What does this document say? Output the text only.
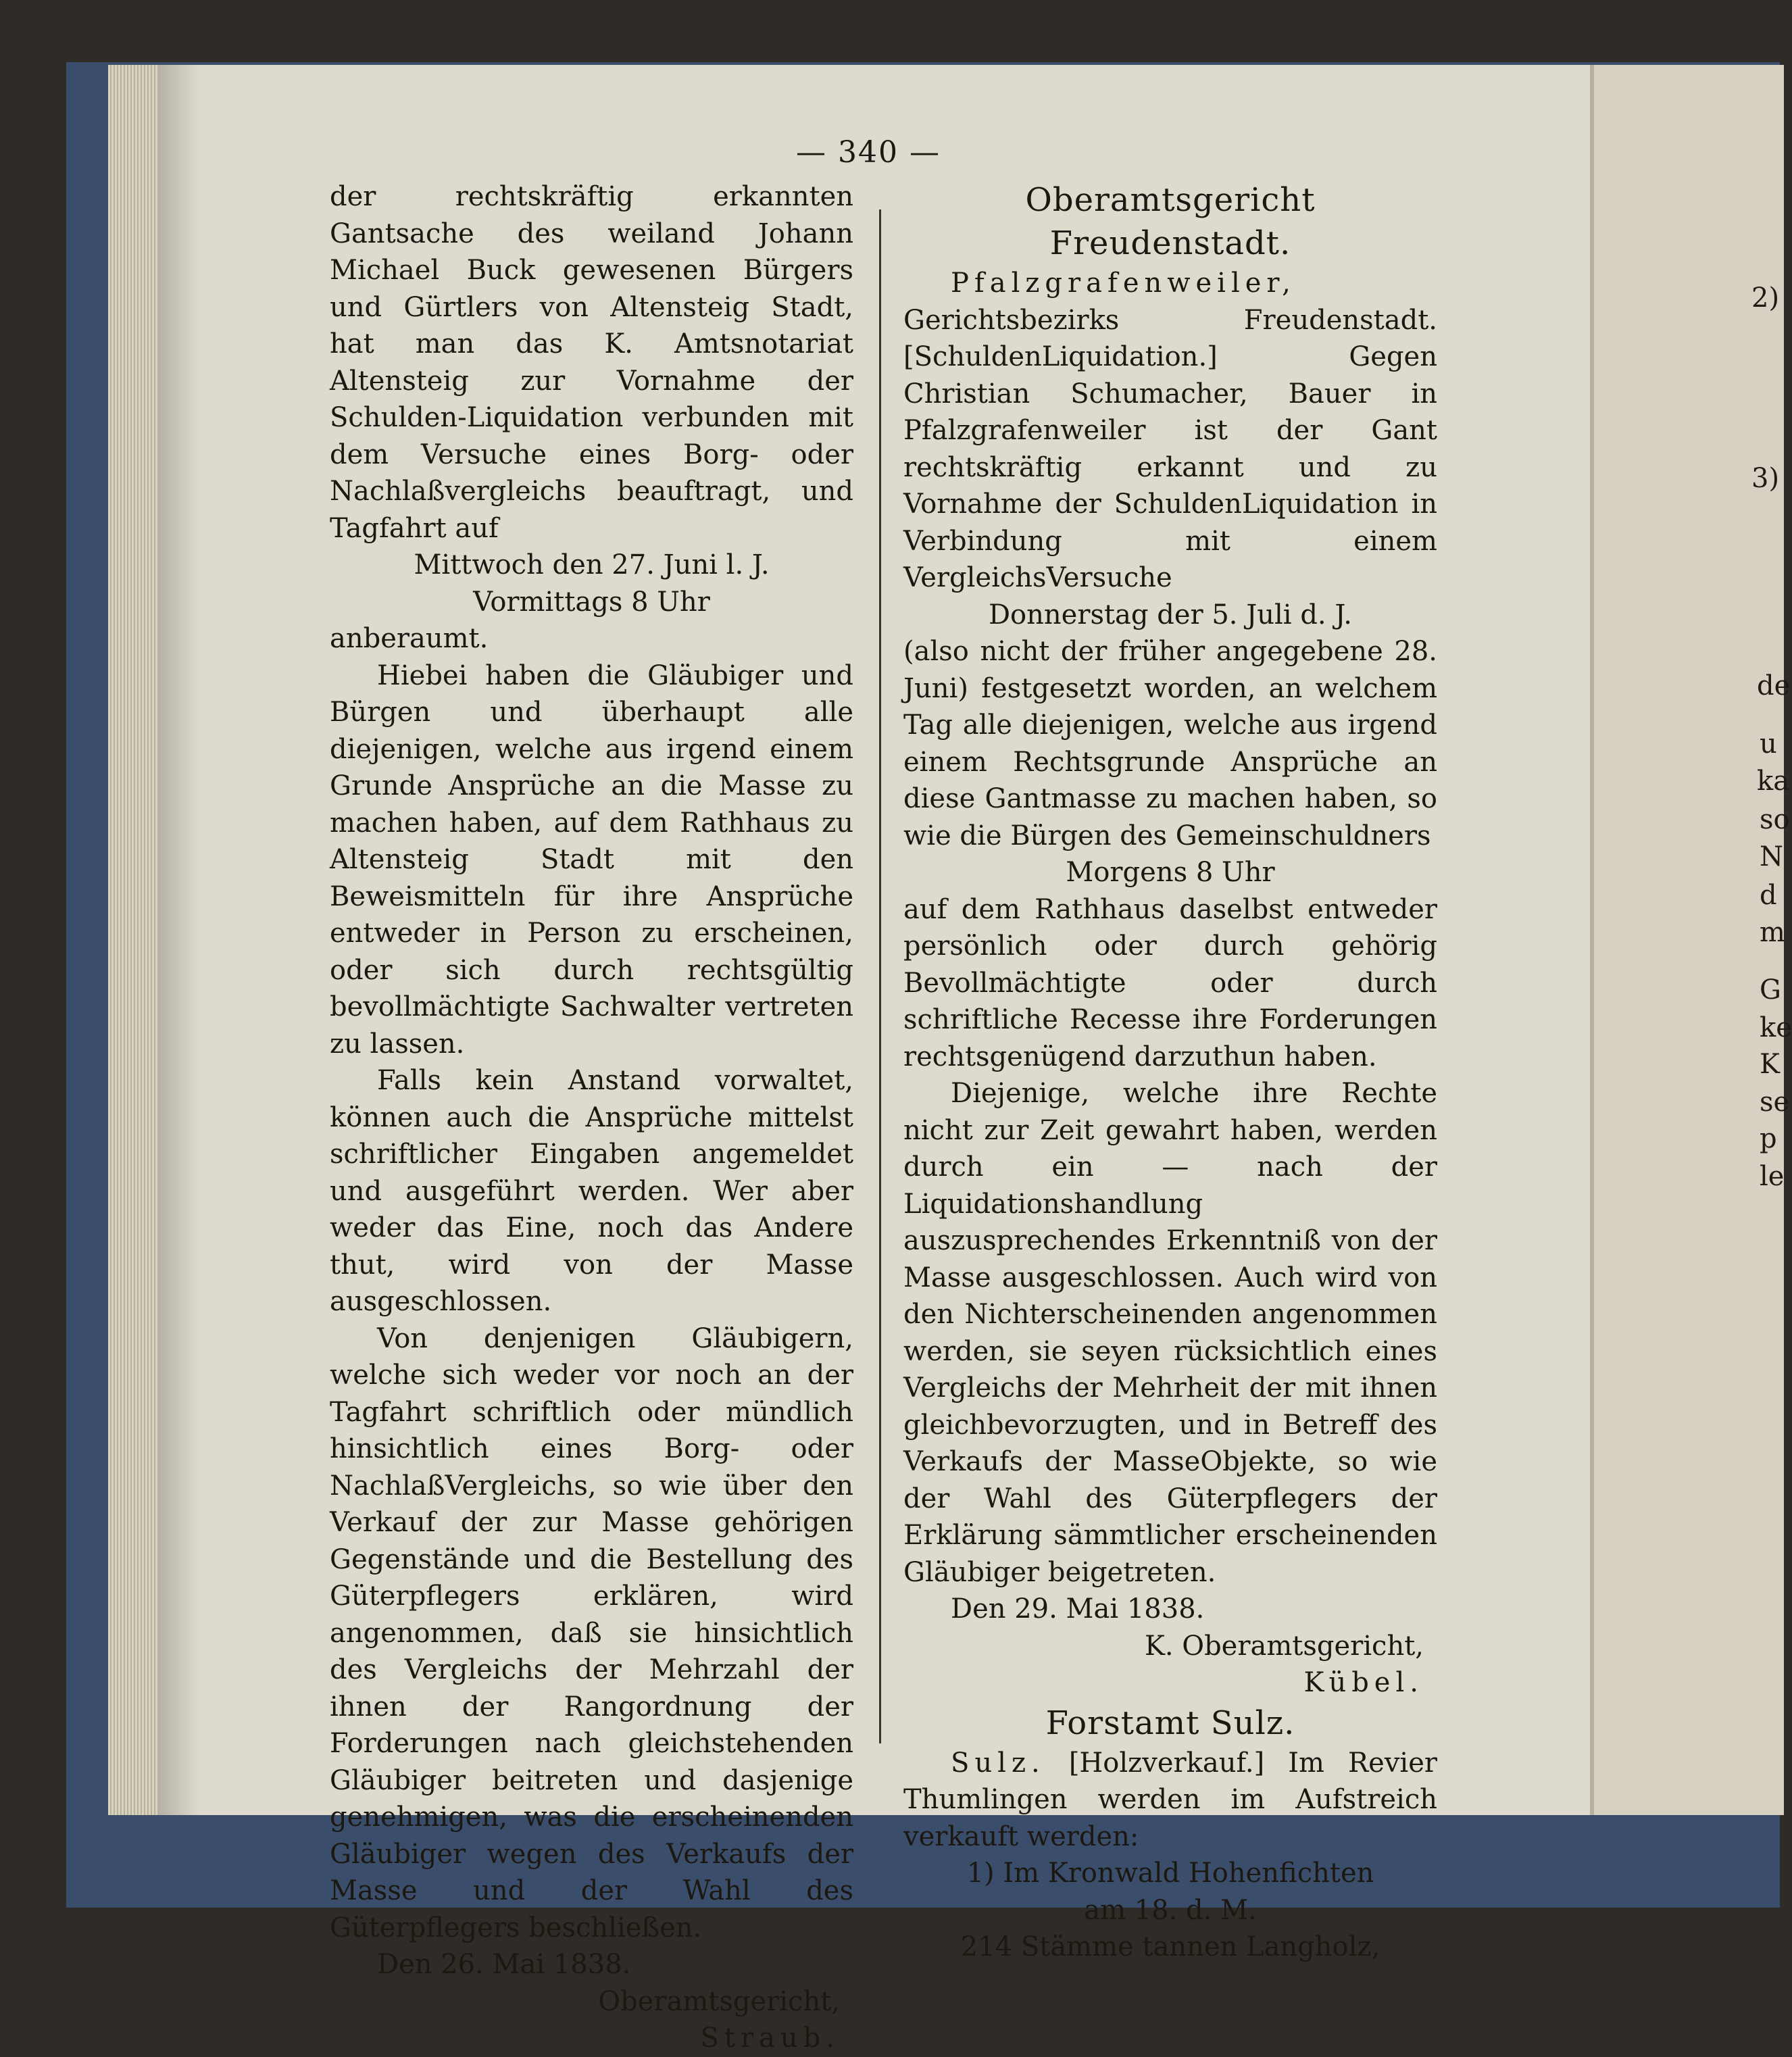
— 340 —

der rechtskräftig erkannten Gantsache des weiland Johann Michael Buck gewesenen Bürgers und Gürtlers von Altensteig Stadt, hat man das K. Amtsnotariat Altensteig zur Vornahme der Schulden-Liquidation verbunden mit dem Versuche eines Borg- oder Nachlaßvergleichs beauftragt, und Tagfahrt auf

Mittwoch den 27. Juni l. J.

Vormittags 8 Uhr

anberaumt.

Hiebei haben die Gläubiger und Bürgen und überhaupt alle diejenigen, welche aus irgend einem Grunde Ansprüche an die Masse zu machen haben, auf dem Rathhaus zu Altensteig Stadt mit den Beweismitteln für ihre Ansprüche entweder in Person zu erscheinen, oder sich durch rechtsgültig bevollmächtigte Sachwalter vertreten zu lassen.

Falls kein Anstand vorwaltet, können auch die Ansprüche mittelst schriftlicher Eingaben angemeldet und ausgeführt werden. Wer aber weder das Eine, noch das Andere thut, wird von der Masse ausgeschlossen.

Von denjenigen Gläubigern, welche sich weder vor noch an der Tagfahrt schriftlich oder mündlich hinsichtlich eines Borg- oder NachlaßVergleichs, so wie über den Verkauf der zur Masse gehörigen Gegenstände und die Bestellung des Güterpflegers erklären, wird angenommen, daß sie hinsichtlich des Vergleichs der Mehrzahl der ihnen der Rangordnung der Forderungen nach gleichstehenden Gläubiger beitreten und dasjenige genehmigen, was die erscheinenden Gläubiger wegen des Verkaufs der Masse und der Wahl des Güterpflegers beschließen.

Den 26. Mai 1838.

Oberamtsgericht,

Straub.

Oberamtsgericht Freudenstadt.

Pfalzgrafenweiler, Gerichtsbezirks Freudenstadt. [SchuldenLiquidation.] Gegen Christian Schumacher, Bauer in Pfalzgrafenweiler ist der Gant rechtskräftig erkannt und zu Vornahme der SchuldenLiquidation in Verbindung mit einem VergleichsVersuche

Donnerstag der 5. Juli d. J.

(also nicht der früher angegebene 28. Juni) festgesetzt worden, an welchem Tag alle diejenigen, welche aus irgend einem Rechtsgrunde Ansprüche an diese Gantmasse zu machen haben, so wie die Bürgen des Gemeinschuldners

Morgens 8 Uhr

auf dem Rathhaus daselbst entweder persönlich oder durch gehörig Bevollmächtigte oder durch schriftliche Recesse ihre Forderungen rechtsgenügend darzuthun haben.

Diejenige, welche ihre Rechte nicht zur Zeit gewahrt haben, werden durch ein — nach der Liquidationshandlung auszusprechendes Erkenntniß von der Masse ausgeschlossen. Auch wird von den Nichterscheinenden angenommen werden, sie seyen rücksichtlich eines Vergleichs der Mehrheit der mit ihnen gleichbevorzugten, und in Betreff des Verkaufs der MasseObjekte, so wie der Wahl des Güterpflegers der Erklärung sämmtlicher erscheinenden Gläubiger beigetreten.

Den 29. Mai 1838.

K. Oberamtsgericht,

Kübel.

Forstamt Sulz.

Sulz. [Holzverkauf.] Im Revier Thumlingen werden im Aufstreich verkauft werden:

1) Im Kronwald Hohenfichten

am 18. d. M.

214 Stämme tannen Langholz,

2)
3)
de
u
ka
so
N
d
m
G
ke
K
se
p
le
